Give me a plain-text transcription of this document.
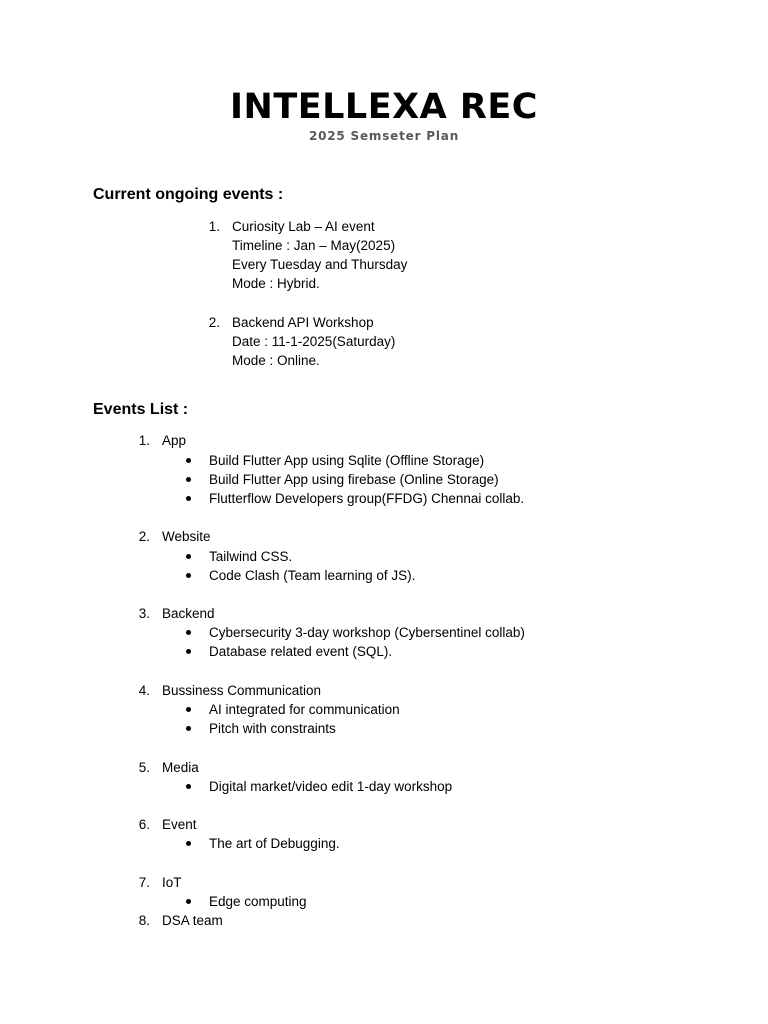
INTELLEXA REC
2025 Semseter Plan
Current ongoing events :
1. Curiosity Lab – AI event
Timeline : Jan – May(2025)
Every Tuesday and Thursday
Mode : Hybrid.
2. Backend API Workshop
Date : 11-1-2025(Saturday)
Mode : Online.
Events List :
1. App
Build Flutter App using Sqlite (Offline Storage)
Build Flutter App using firebase (Online Storage)
Flutterflow Developers group(FFDG) Chennai collab.
2. Website
Tailwind CSS.
Code Clash (Team learning of JS).
3. Backend
Cybersecurity 3-day workshop (Cybersentinel collab)
Database related event (SQL).
4. Bussiness Communication
AI integrated for communication
Pitch with constraints
5. Media
Digital market/video edit 1-day workshop
6. Event
The art of Debugging.
7. IoT
Edge computing
8. DSA team
